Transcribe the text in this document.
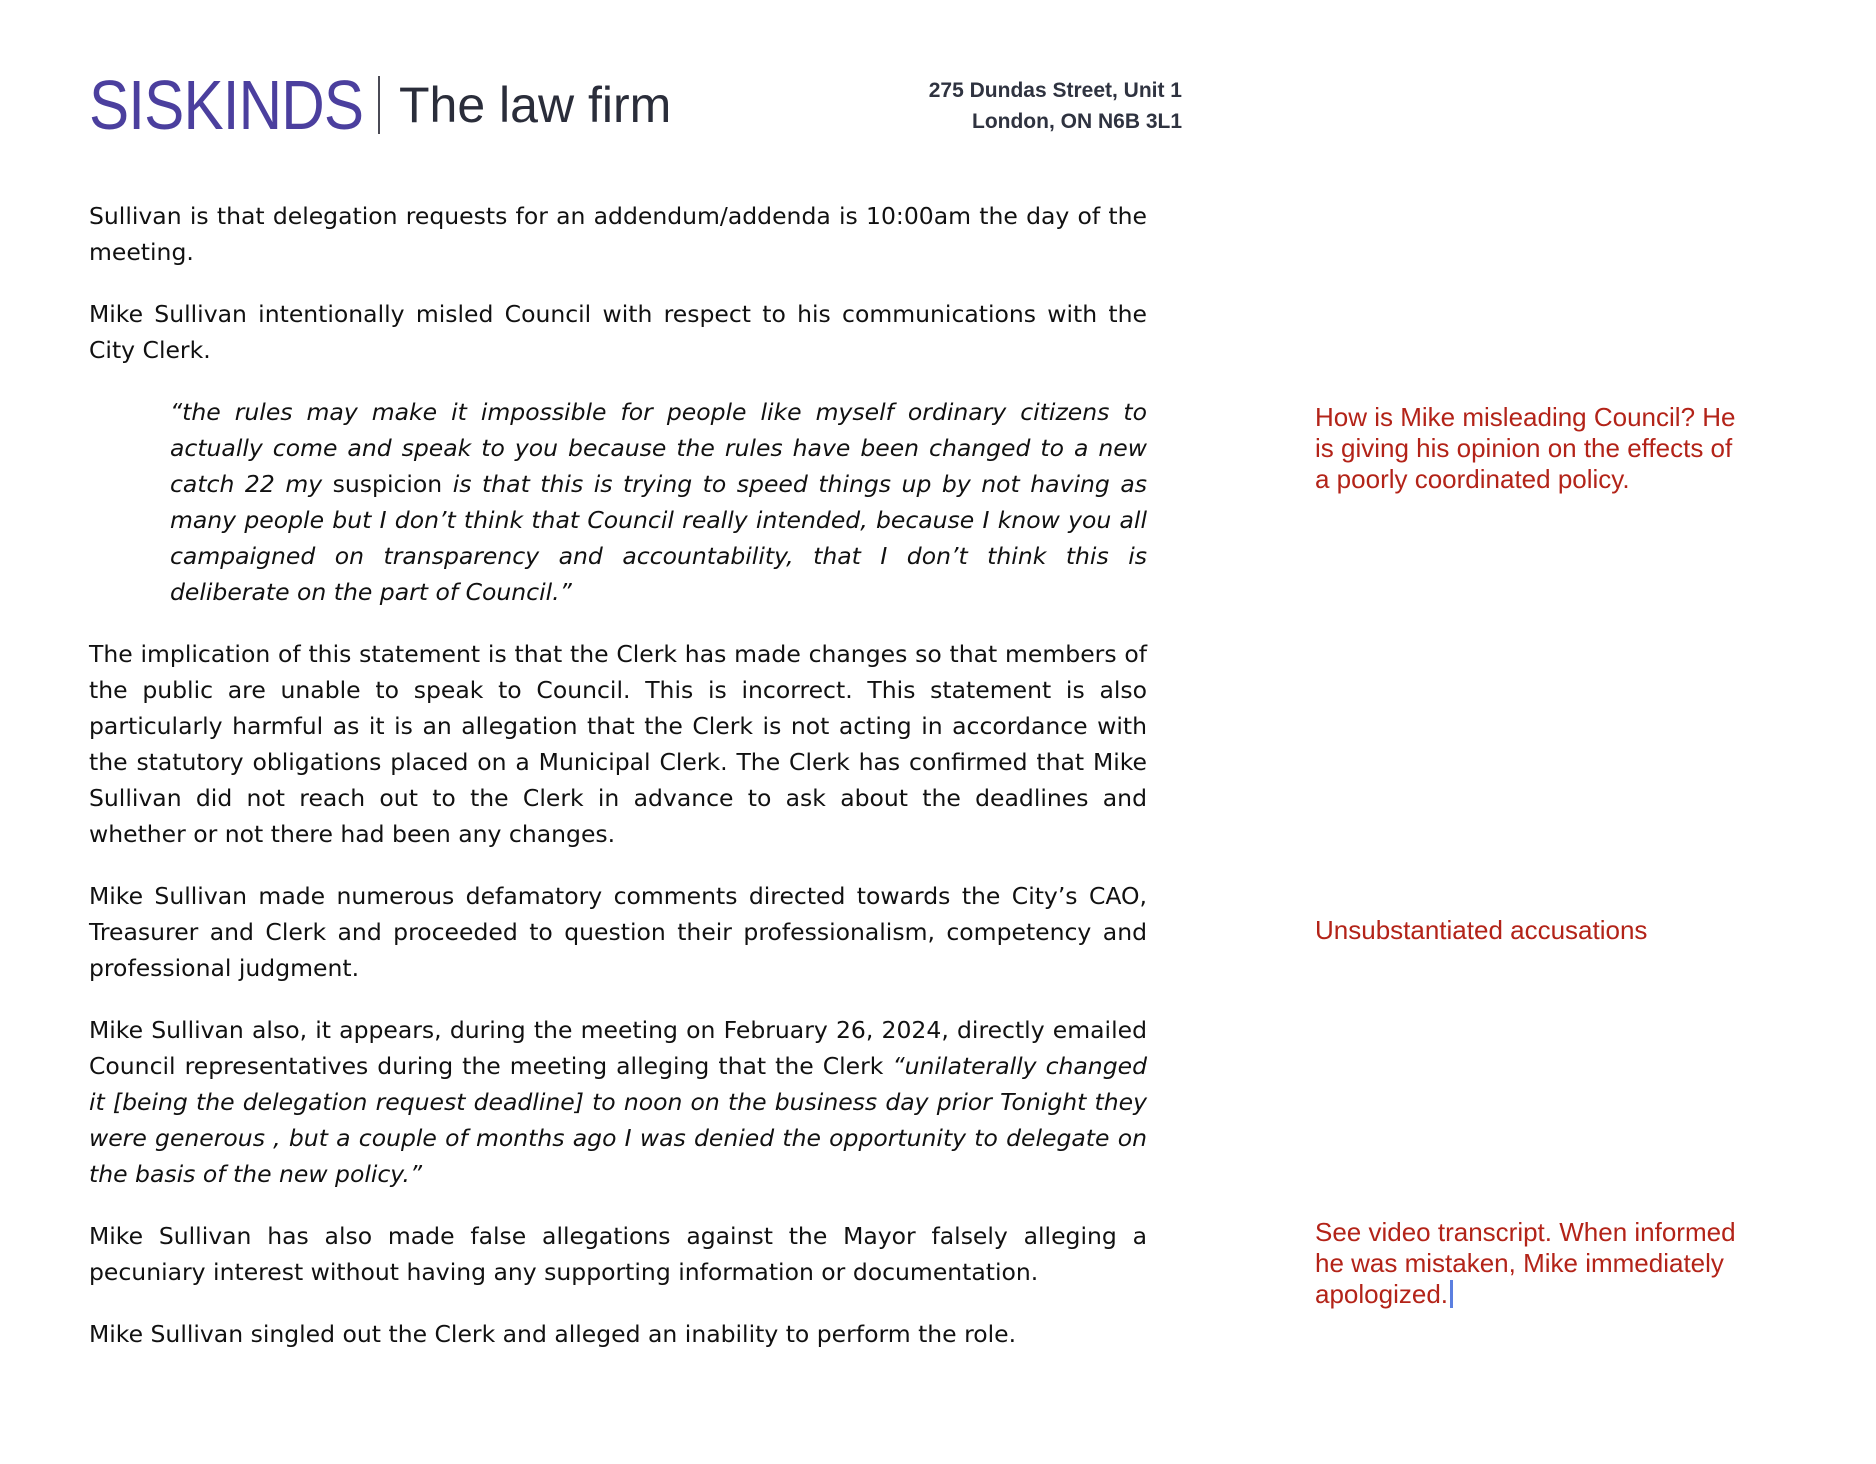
SISKINDS The law firm	275 Dundas Street, Unit 1
London, ON N6B 3L1

Sullivan is that delegation requests for an addendum/addenda is 10:00am the day of the meeting.

Mike Sullivan intentionally misled Council with respect to his communications with the City Clerk.

“the rules may make it impossible for people like myself ordinary citizens to actually come and speak to you because the rules have been changed to a new catch 22 my suspicion is that this is trying to speed things up by not having as many people but I don’t think that Council really intended, because I know you all campaigned on transparency and accountability, that I don’t think this is deliberate on the part of Council.”

The implication of this statement is that the Clerk has made changes so that members of the public are unable to speak to Council. This is incorrect. This statement is also particularly harmful as it is an allegation that the Clerk is not acting in accordance with the statutory obligations placed on a Municipal Clerk. The Clerk has confirmed that Mike Sullivan did not reach out to the Clerk in advance to ask about the deadlines and whether or not there had been any changes.

Mike Sullivan made numerous defamatory comments directed towards the City’s CAO, Treasurer and Clerk and proceeded to question their professionalism, competency and professional judgment.

Mike Sullivan also, it appears, during the meeting on February 26, 2024, directly emailed Council representatives during the meeting alleging that the Clerk “unilaterally changed it [being the delegation request deadline] to noon on the business day prior Tonight they were generous , but a couple of months ago I was denied the opportunity to delegate on the basis of the new policy.”

Mike Sullivan has also made false allegations against the Mayor falsely alleging a pecuniary interest without having any supporting information or documentation.

Mike Sullivan singled out the Clerk and alleged an inability to perform the role.

How is Mike misleading Council? He is giving his opinion on the effects of a poorly coordinated policy.
Unsubstantiated accusations
See video transcript. When informed he was mistaken, Mike immediately apologized.
